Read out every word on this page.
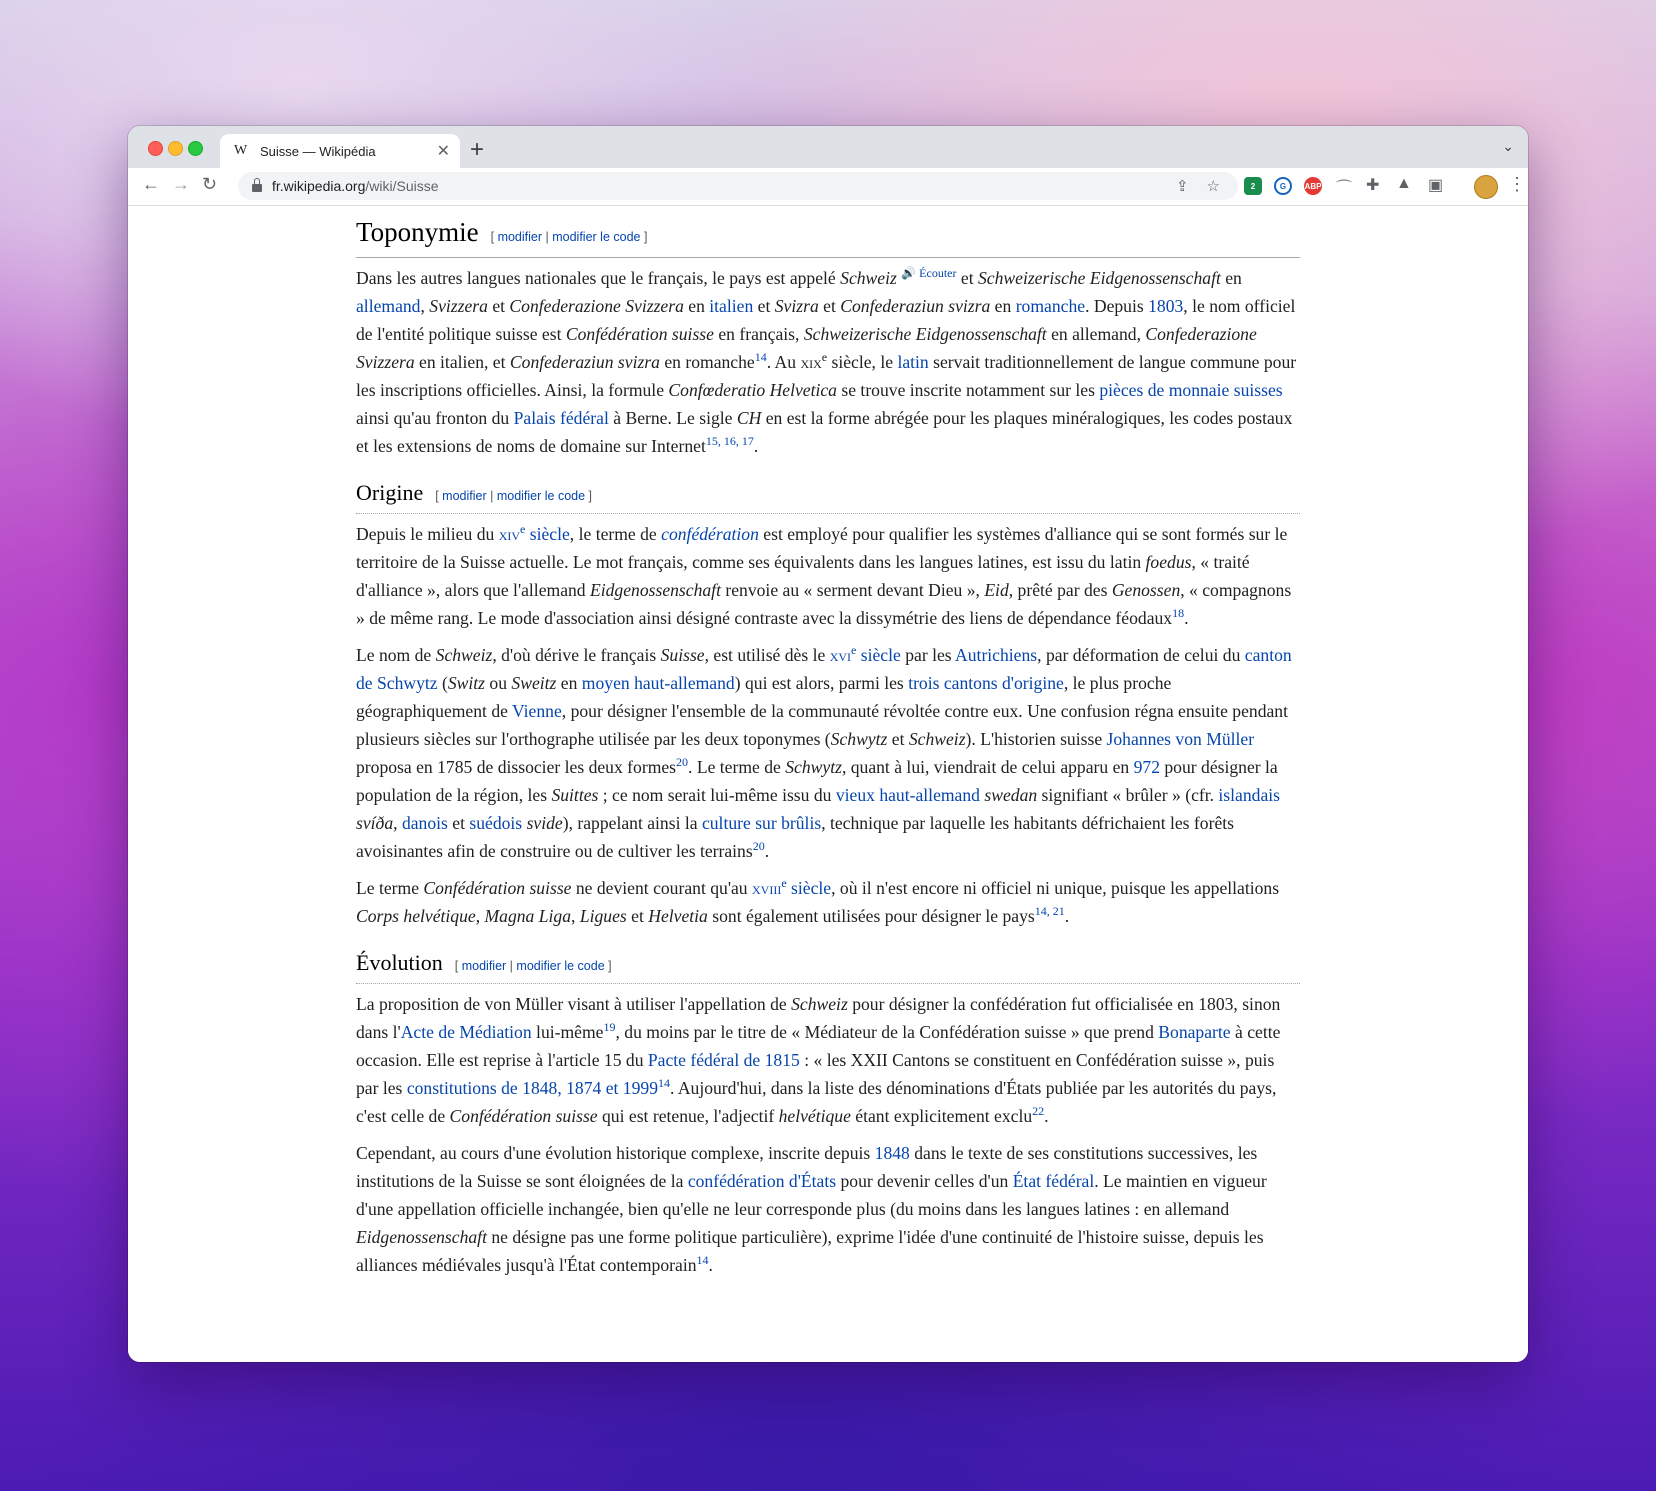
W Suisse — Wikipédia	✕ +	⌄
← → ↻	fr.wikipedia.org/wiki/Suisse	⇪ ☆	2	G	ABP ⌒ ✚ ▲ ▣	⋮
Toponymie [ modifier | modifier le code ]

Dans les autres langues nationales que le français, le pays est appelé Schweiz $^{🔊 Écouter}$ et Schweizerische Eidgenossenschaft en allemand, Svizzera et Confederazione Svizzera en italien et Svizra et Confederaziun svizra en romanche. Depuis 1803, le nom officiel de l'entité politique suisse est Confédération suisse en français, Schweizerische Eidgenossenschaft en allemand, Confederazione Svizzera en italien, et Confederaziun svizra en romanche$^{14}$. Au xix$^e$ siècle, le latin servait traditionnellement de langue commune pour les inscriptions officielles. Ainsi, la formule Confœderatio Helvetica se trouve inscrite notamment sur les pièces de monnaie suisses ainsi qu'au fronton du Palais fédéral à Berne. Le sigle CH en est la forme abrégée pour les plaques minéralogiques, les codes postaux et les extensions de noms de domaine sur Internet$^{15, 16, 17}$.

Origine [ modifier | modifier le code ]

Depuis le milieu du xiv$^e$ siècle, le terme de confédération est employé pour qualifier les systèmes d'alliance qui se sont formés sur le territoire de la Suisse actuelle. Le mot français, comme ses équivalents dans les langues latines, est issu du latin foedus, « traité d'alliance », alors que l'allemand Eidgenossenschaft renvoie au « serment devant Dieu », Eid, prêté par des Genossen, « compagnons » de même rang. Le mode d'association ainsi désigné contraste avec la dissymétrie des liens de dépendance féodaux$^{18}$.

Le nom de Schweiz, d'où dérive le français Suisse, est utilisé dès le xvi$^e$ siècle par les Autrichiens, par déformation de celui du canton de Schwytz (Switz ou Sweitz en moyen haut-allemand) qui est alors, parmi les trois cantons d'origine, le plus proche géographiquement de Vienne, pour désigner l'ensemble de la communauté révoltée contre eux. Une confusion régna ensuite pendant plusieurs siècles sur l'orthographe utilisée par les deux toponymes (Schwytz et Schweiz). L'historien suisse Johannes von Müller proposa en 1785 de dissocier les deux formes$^{20}$. Le terme de Schwytz, quant à lui, viendrait de celui apparu en 972 pour désigner la population de la région, les Suittes ; ce nom serait lui-même issu du vieux haut-allemand swedan signifiant « brûler » (cfr. islandais svíða, danois et suédois svide), rappelant ainsi la culture sur brûlis, technique par laquelle les habitants défrichaient les forêts avoisinantes afin de construire ou de cultiver les terrains$^{20}$.

Le terme Confédération suisse ne devient courant qu'au xviii$^e$ siècle, où il n'est encore ni officiel ni unique, puisque les appellations Corps helvétique, Magna Liga, Ligues et Helvetia sont également utilisées pour désigner le pays$^{14, 21}$.

Évolution [ modifier | modifier le code ]

La proposition de von Müller visant à utiliser l'appellation de Schweiz pour désigner la confédération fut officialisée en 1803, sinon dans l'Acte de Médiation lui-même$^{19}$, du moins par le titre de « Médiateur de la Confédération suisse » que prend Bonaparte à cette occasion. Elle est reprise à l'article 15 du Pacte fédéral de 1815 : « les XXII Cantons se constituent en Confédération suisse », puis par les constitutions de 1848, 1874 et 1999$^{14}$. Aujourd'hui, dans la liste des dénominations d'États publiée par les autorités du pays, c'est celle de Confédération suisse qui est retenue, l'adjectif helvétique étant explicitement exclu$^{22}$.

Cependant, au cours d'une évolution historique complexe, inscrite depuis 1848 dans le texte de ses constitutions successives, les institutions de la Suisse se sont éloignées de la confédération d'États pour devenir celles d'un État fédéral. Le maintien en vigueur d'une appellation officielle inchangée, bien qu'elle ne leur corresponde plus (du moins dans les langues latines : en allemand Eidgenossenschaft ne désigne pas une forme politique particulière), exprime l'idée d'une continuité de l'histoire suisse, depuis les alliances médiévales jusqu'à l'État contemporain$^{14}$.
